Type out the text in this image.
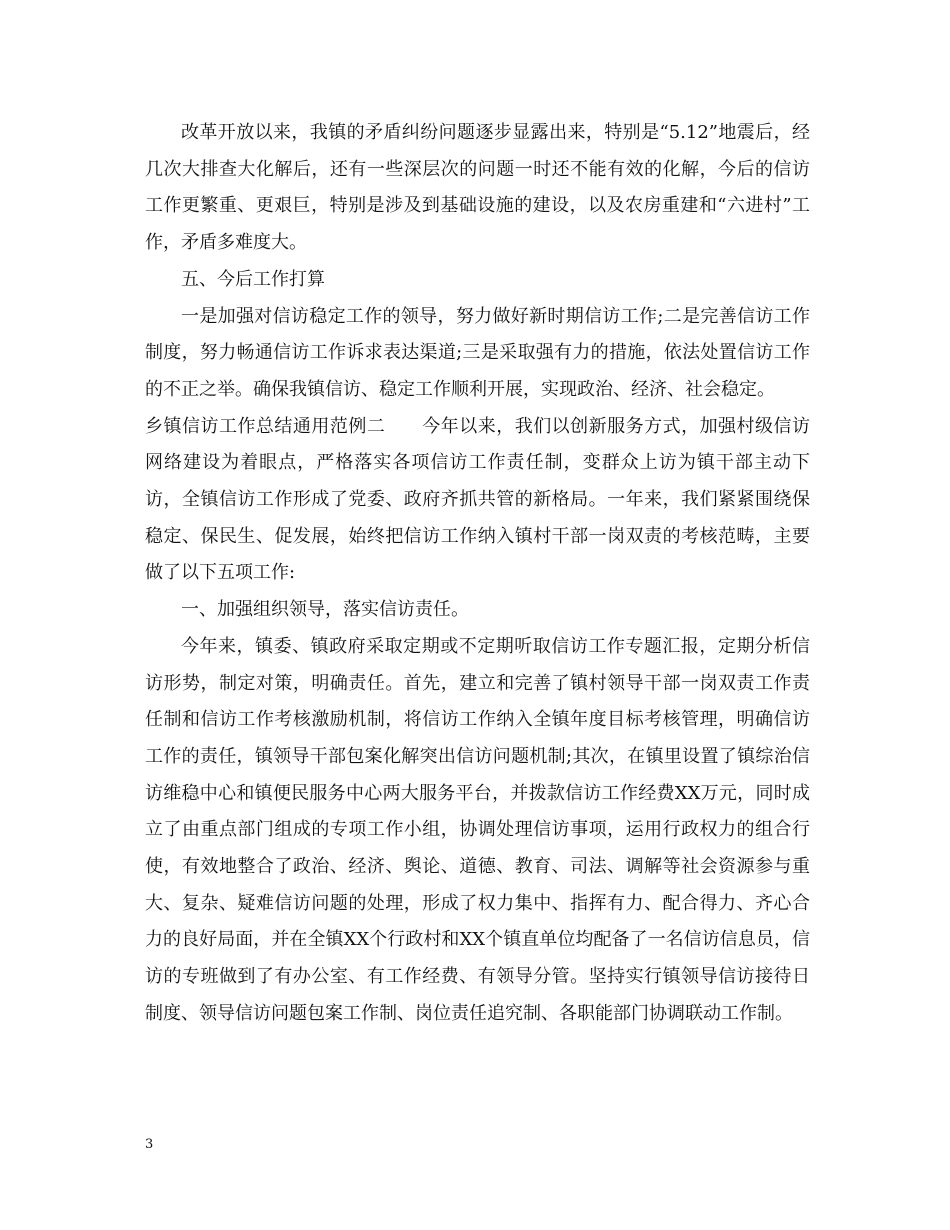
改革开放以来，我镇的矛盾纠纷问题逐步显露出来，特别是“5.12”地震后，经几次大排查大化解后，还有一些深层次的问题一时还不能有效的化解，今后的信访工作更繁重、更艰巨，特别是涉及到基础设施的建设，以及农房重建和“六进村”工作，矛盾多难度大。

五、今后工作打算

一是加强对信访稳定工作的领导，努力做好新时期信访工作;二是完善信访工作制度，努力畅通信访工作诉求表达渠道;三是采取强有力的措施，依法处置信访工作的不正之举。确保我镇信访、稳定工作顺利开展，实现政治、经济、社会稳定。

乡镇信访工作总结通用范例二　　今年以来，我们以创新服务方式，加强村级信访网络建设为着眼点，严格落实各项信访工作责任制，变群众上访为镇干部主动下访，全镇信访工作形成了党委、政府齐抓共管的新格局。一年来，我们紧紧围绕保稳定、保民生、促发展，始终把信访工作纳入镇村干部一岗双责的考核范畴，主要做了以下五项工作:

一、加强组织领导，落实信访责任。

今年来，镇委、镇政府采取定期或不定期听取信访工作专题汇报，定期分析信访形势，制定对策，明确责任。首先，建立和完善了镇村领导干部一岗双责工作责任制和信访工作考核激励机制，将信访工作纳入全镇年度目标考核管理，明确信访工作的责任，镇领导干部包案化解突出信访问题机制;其次，在镇里设置了镇综治信访维稳中心和镇便民服务中心两大服务平台，并拨款信访工作经费XX万元，同时成立了由重点部门组成的专项工作小组，协调处理信访事项，运用行政权力的组合行使，有效地整合了政治、经济、舆论、道德、教育、司法、调解等社会资源参与重大、复杂、疑难信访问题的处理，形成了权力集中、指挥有力、配合得力、齐心合力的良好局面，并在全镇XX个行政村和XX个镇直单位均配备了一名信访信息员，信访的专班做到了有办公室、有工作经费、有领导分管。坚持实行镇领导信访接待日制度、领导信访问题包案工作制、岗位责任追究制、各职能部门协调联动工作制。

3
